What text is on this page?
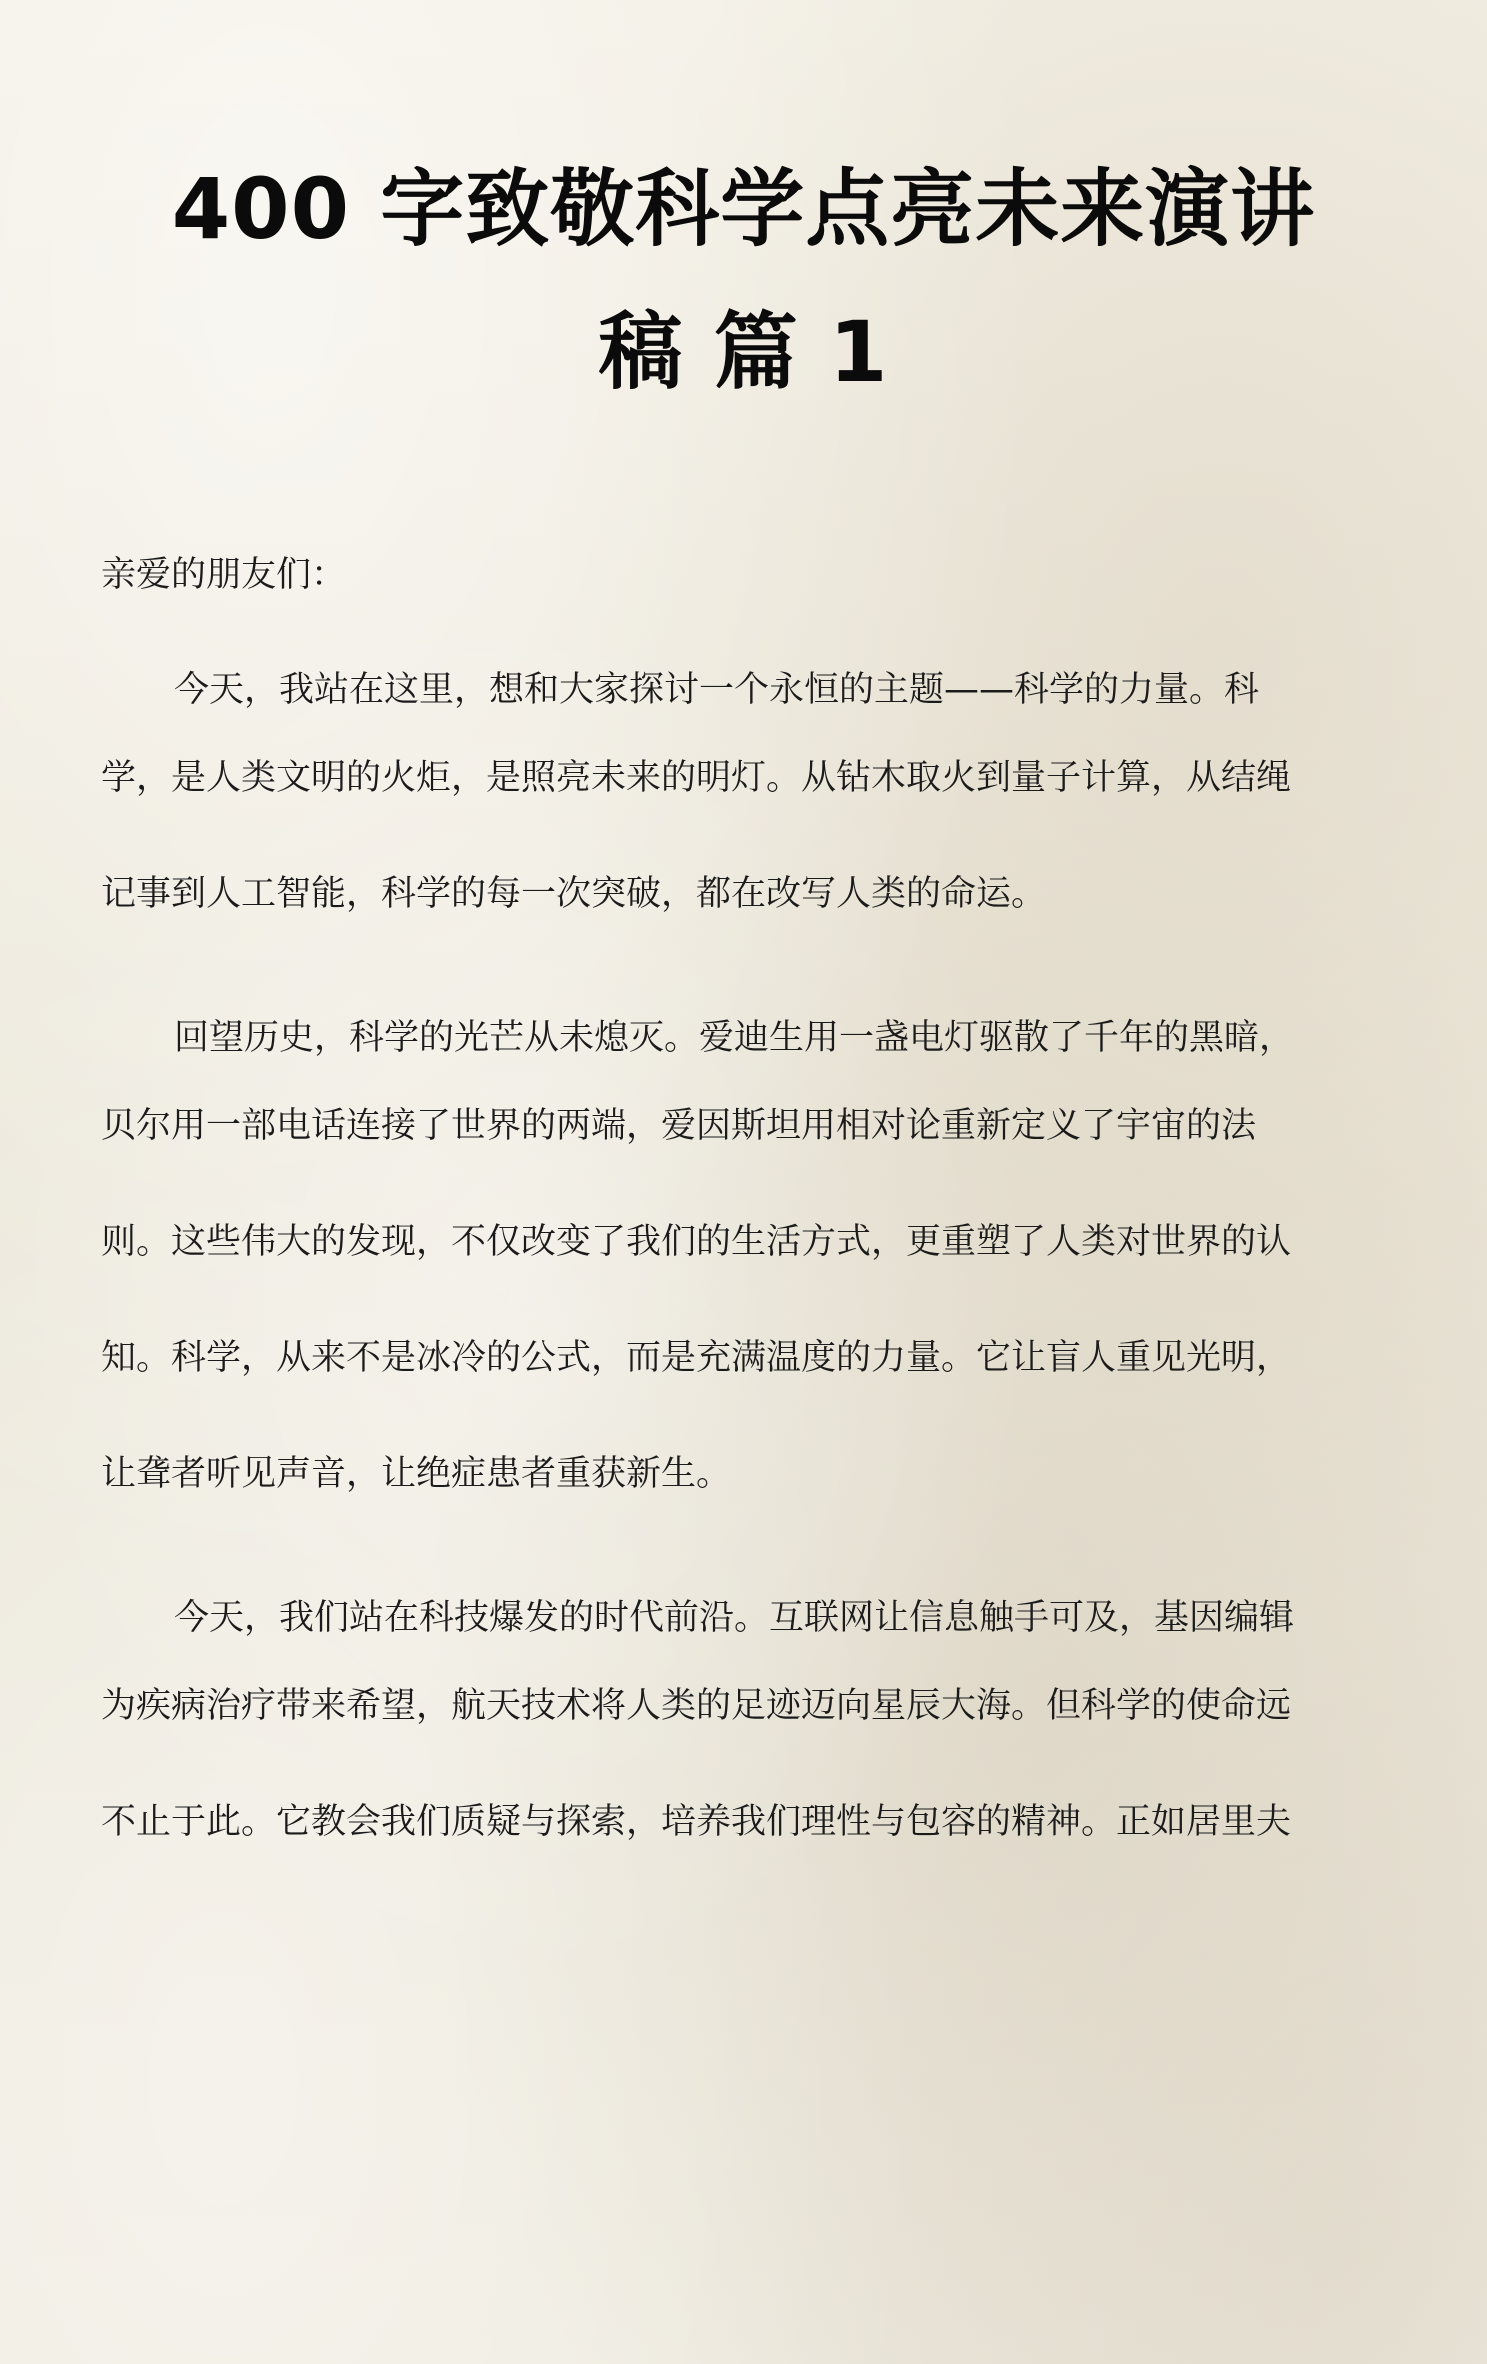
400 字致敬科学点亮未来演讲
稿 篇 1

亲爱的朋友们：

今天，我站在这里，想和大家探讨一个永恒的主题——科学的力量。科
学，是人类文明的火炬，是照亮未来的明灯。从钻木取火到量子计算，从结绳
记事到人工智能，科学的每一次突破，都在改写人类的命运。

回望历史，科学的光芒从未熄灭。爱迪生用一盏电灯驱散了千年的黑暗，
贝尔用一部电话连接了世界的两端，爱因斯坦用相对论重新定义了宇宙的法
则。这些伟大的发现，不仅改变了我们的生活方式，更重塑了人类对世界的认
知。科学，从来不是冰冷的公式，而是充满温度的力量。它让盲人重见光明，
让聋者听见声音，让绝症患者重获新生。

今天，我们站在科技爆发的时代前沿。互联网让信息触手可及，基因编辑
为疾病治疗带来希望，航天技术将人类的足迹迈向星辰大海。但科学的使命远
不止于此。它教会我们质疑与探索，培养我们理性与包容的精神。正如居里夫
